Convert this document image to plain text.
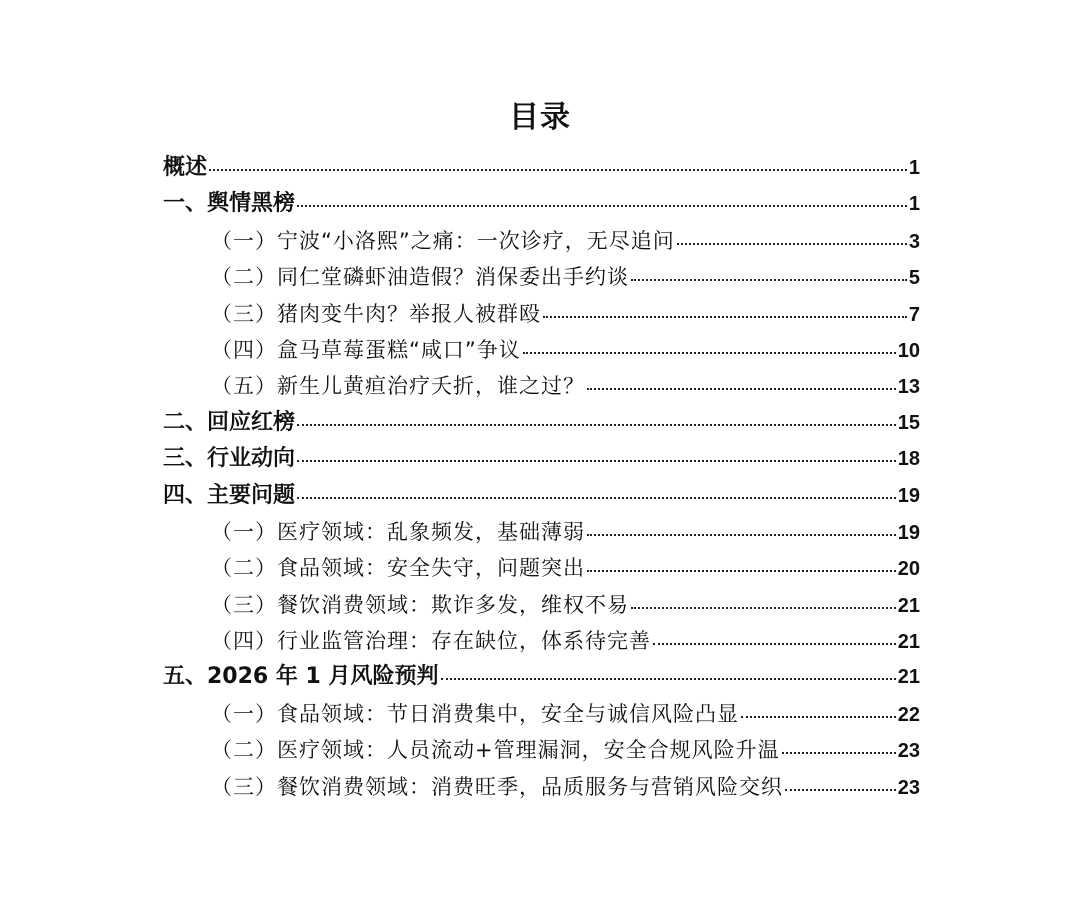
目录
概述	1
一、舆情黑榜	1
（一）宁波“小洛熙”之痛：一次诊疗，无尽追问	3
（二）同仁堂磷虾油造假？消保委出手约谈	5
（三）猪肉变牛肉？举报人被群殴	7
（四）盒马草莓蛋糕“咸口”争议	10
（五）新生儿黄疸治疗夭折，谁之过？	13
二、回应红榜	15
三、行业动向	18
四、主要问题	19
（一）医疗领域：乱象频发，基础薄弱	19
（二）食品领域：安全失守，问题突出	20
（三）餐饮消费领域：欺诈多发，维权不易	21
（四）行业监管治理：存在缺位，体系待完善	21
五、2026 年 1 月风险预判	21
（一）食品领域：节日消费集中，安全与诚信风险凸显	22
（二）医疗领域：人员流动+管理漏洞，安全合规风险升温	23
（三）餐饮消费领域：消费旺季，品质服务与营销风险交织	23
